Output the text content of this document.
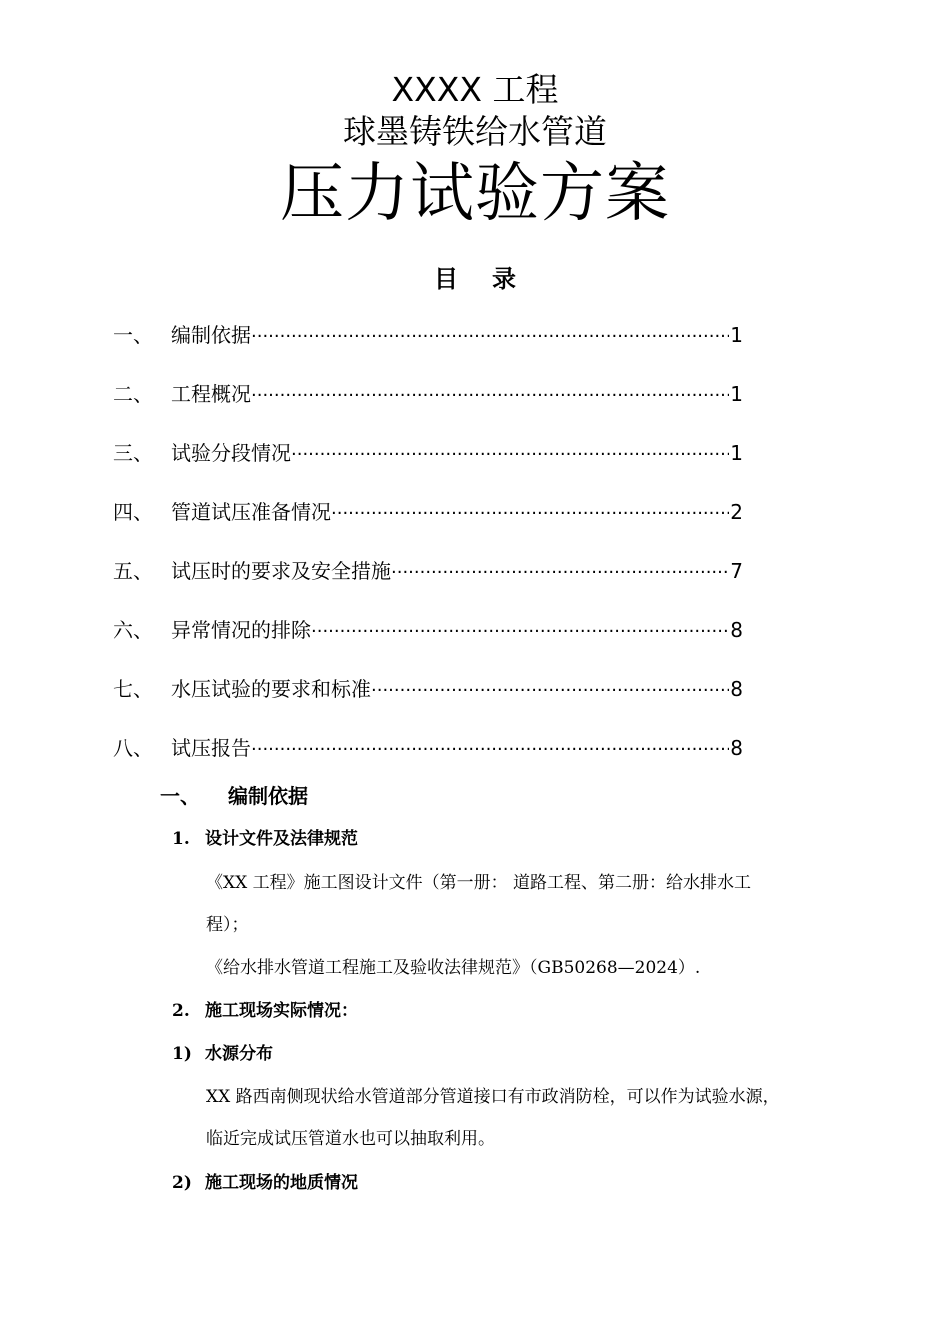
XXXX 工程
球墨铸铁给水管道
压力试验方案
目录
一、 编制依据 ·····	1
二、 工程概况 ·····	1
三、 试验分段情况 ·····	1
四、 管道试压准备情况 ·····	2
五、 试压时的要求及安全措施 ·····	7
六、 异常情况的排除 ·····	8
七、 水压试验的要求和标准 ·····	8
八、 试压报告 ·····	8
一、 编制依据
1. 设计文件及法律规范
《XX 工程》施工图设计文件（第一册： 道路工程、第二册：给水排水工
程）；
《给水排水管道工程施工及验收法律规范》（GB50268—2024）.
2. 施工现场实际情况：
1) 水源分布
XX 路西南侧现状给水管道部分管道接口有市政消防栓，可以作为试验水源，
临近完成试压管道水也可以抽取利用。
2) 施工现场的地质情况
